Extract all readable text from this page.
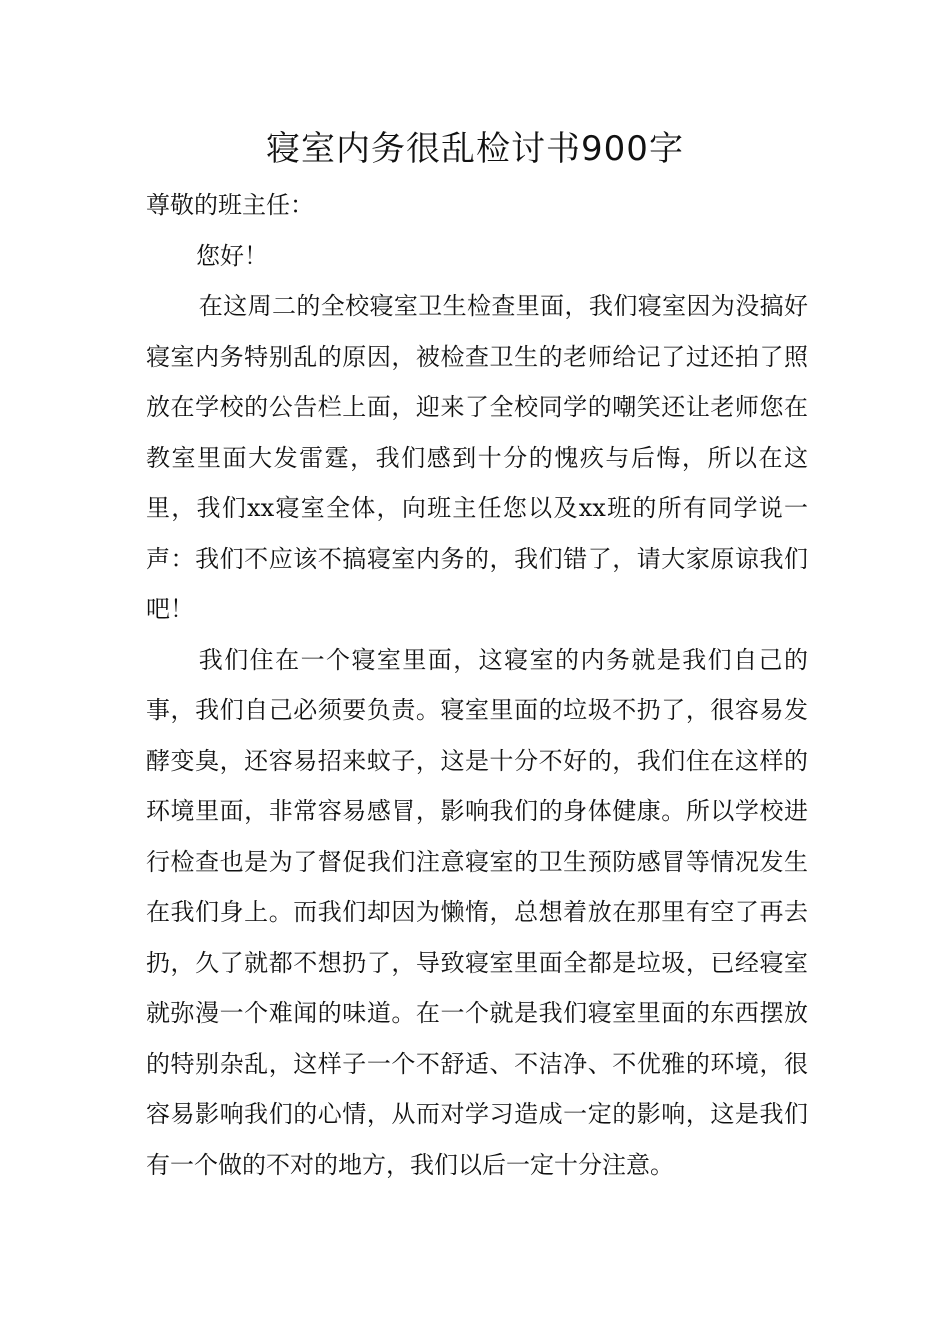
寝室内务很乱检讨书900字

尊敬的班主任：

您好！

在这周二的全校寝室卫生检查里面，我们寝室因为没搞好寝室内务特别乱的原因，被检查卫生的老师给记了过还拍了照放在学校的公告栏上面，迎来了全校同学的嘲笑还让老师您在教室里面大发雷霆，我们感到十分的愧疚与后悔，所以在这里，我们xx寝室全体，向班主任您以及xx班的所有同学说一声：我们不应该不搞寝室内务的，我们错了，请大家原谅我们吧！

我们住在一个寝室里面，这寝室的内务就是我们自己的事，我们自己必须要负责。寝室里面的垃圾不扔了，很容易发酵变臭，还容易招来蚊子，这是十分不好的，我们住在这样的环境里面，非常容易感冒，影响我们的身体健康。所以学校进行检查也是为了督促我们注意寝室的卫生预防感冒等情况发生在我们身上。而我们却因为懒惰，总想着放在那里有空了再去扔，久了就都不想扔了，导致寝室里面全都是垃圾，已经寝室就弥漫一个难闻的味道。在一个就是我们寝室里面的东西摆放的特别杂乱，这样子一个不舒适、不洁净、不优雅的环境，很容易影响我们的心情，从而对学习造成一定的影响，这是我们有一个做的不对的地方，我们以后一定十分注意。
